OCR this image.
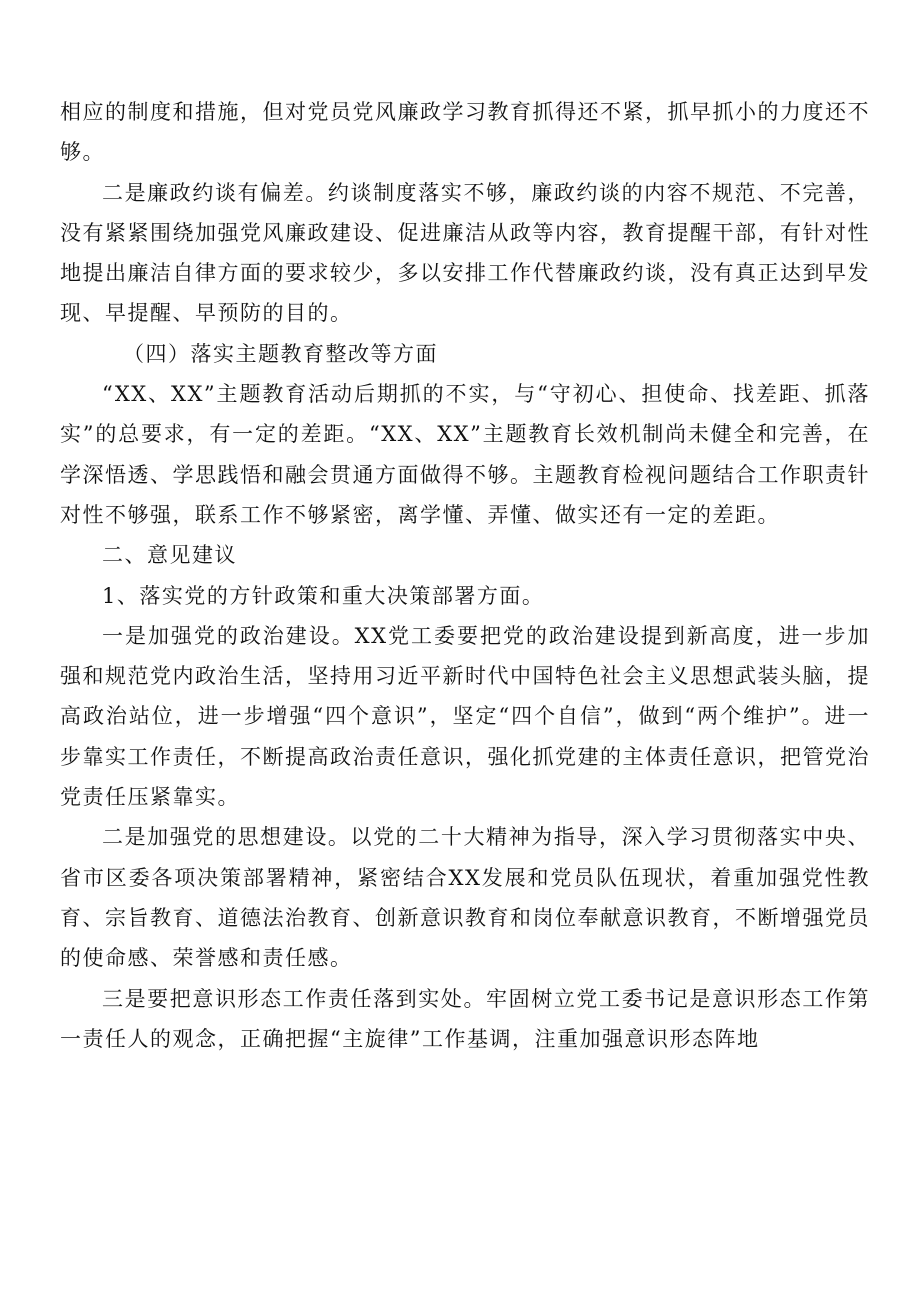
相应的制度和措施，但对党员党风廉政学习教育抓得还不紧，抓早抓小的力度还不够。

二是廉政约谈有偏差。约谈制度落实不够，廉政约谈的内容不规范、不完善，没有紧紧围绕加强党风廉政建设、促进廉洁从政等内容，教育提醒干部，有针对性地提出廉洁自律方面的要求较少，多以安排工作代替廉政约谈，没有真正达到早发现、早提醒、早预防的目的。

（四）落实主题教育整改等方面

“XX、XX”主题教育活动后期抓的不实，与“守初心、担使命、找差距、抓落实”的总要求，有一定的差距。“XX、XX”主题教育长效机制尚未健全和完善，在学深悟透、学思践悟和融会贯通方面做得不够。主题教育检视问题结合工作职责针对性不够强，联系工作不够紧密，离学懂、弄懂、做实还有一定的差距。

二、意见建议

1、落实党的方针政策和重大决策部署方面。

一是加强党的政治建设。XX党工委要把党的政治建设提到新高度，进一步加强和规范党内政治生活，坚持用习近平新时代中国特色社会主义思想武装头脑，提高政治站位，进一步增强“四个意识”，坚定“四个自信”，做到“两个维护”。进一步靠实工作责任，不断提高政治责任意识，强化抓党建的主体责任意识，把管党治党责任压紧靠实。

二是加强党的思想建设。以党的二十大精神为指导，深入学习贯彻落实中央、省市区委各项决策部署精神，紧密结合XX发展和党员队伍现状，着重加强党性教育、宗旨教育、道德法治教育、创新意识教育和岗位奉献意识教育，不断增强党员的使命感、荣誉感和责任感。

三是要把意识形态工作责任落到实处。牢固树立党工委书记是意识形态工作第一责任人的观念，正确把握“主旋律”工作基调，注重加强意识形态阵地
